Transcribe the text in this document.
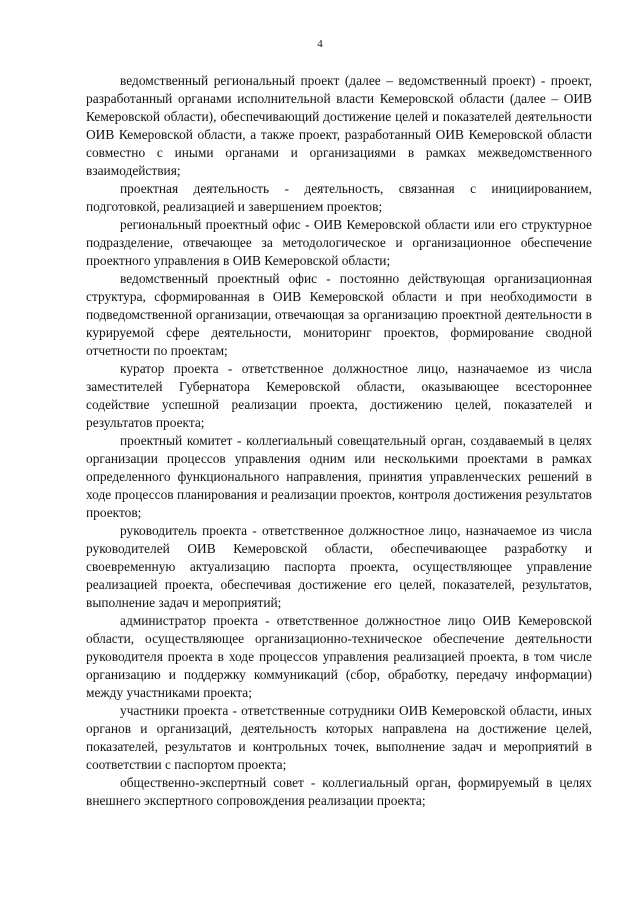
4

ведомственный региональный проект (далее – ведомственный проект) - проект, разработанный органами исполнительной власти Кемеровской области (далее – ОИВ Кемеровской области), обеспечивающий достижение целей и показателей деятельности ОИВ Кемеровской области, а также проект, разработанный ОИВ Кемеровской области совместно с иными органами и организациями в рамках межведомственного взаимодействия;

проектная деятельность - деятельность, связанная с инициированием, подготовкой, реализацией и завершением проектов;

региональный проектный офис - ОИВ Кемеровской области или его структурное подразделение, отвечающее за методологическое и организационное обеспечение проектного управления в ОИВ Кемеровской области;

ведомственный проектный офис - постоянно действующая организационная структура, сформированная в ОИВ Кемеровской области и при необходимости в подведомственной организации, отвечающая за организацию проектной деятельности в курируемой сфере деятельности, мониторинг проектов, формирование сводной отчетности по проектам;

куратор проекта - ответственное должностное лицо, назначаемое из числа заместителей Губернатора Кемеровской области, оказывающее всестороннее содействие успешной реализации проекта, достижению целей, показателей и результатов проекта;

проектный комитет - коллегиальный совещательный орган, создаваемый в целях организации процессов управления одним или несколькими проектами в рамках определенного функционального направления, принятия управленческих решений в ходе процессов планирования и реализации проектов, контроля достижения результатов проектов;

руководитель проекта - ответственное должностное лицо, назначаемое из числа руководителей ОИВ Кемеровской области, обеспечивающее разработку и своевременную актуализацию паспорта проекта, осуществляющее управление реализацией проекта, обеспечивая достижение его целей, показателей, результатов, выполнение задач и мероприятий;

администратор проекта - ответственное должностное лицо ОИВ Кемеровской области, осуществляющее организационно-техническое обеспечение деятельности руководителя проекта в ходе процессов управления реализацией проекта, в том числе организацию и поддержку коммуникаций (сбор, обработку, передачу информации) между участниками проекта;

участники проекта - ответственные сотрудники ОИВ Кемеровской области, иных органов и организаций, деятельность которых направлена на достижение целей, показателей, результатов и контрольных точек, выполнение задач и мероприятий в соответствии с паспортом проекта;

общественно-экспертный совет - коллегиальный орган, формируемый в целях внешнего экспертного сопровождения реализации проекта;
